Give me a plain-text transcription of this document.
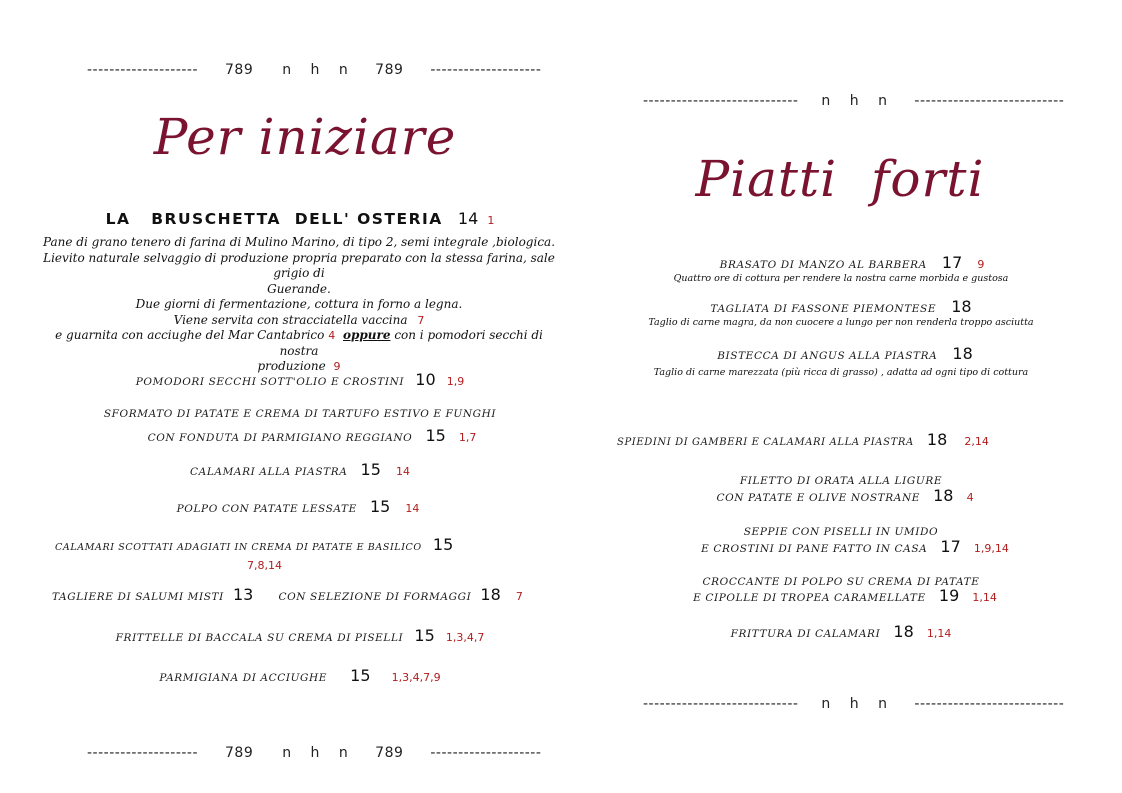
-------------------- 789 n h n 789 --------------------
Per iniziare
LA   BRUSCHETTA  DELL' OSTERIA 14 1
Pane di grano tenero di farina di Mulino Marino, di tipo 2, semi integrale ,biologica.
Lievito naturale selvaggio di produzione propria preparato con la stessa farina, sale grigio di
Guerande.
Due giorni di fermentazione, cottura in forno a legna.
Viene servita con stracciatella vaccina 7
e guarnita con acciughe del Mar Cantabrico 4 oppure con i pomodori secchi di nostra
produzione 9
POMODORI SECCHI SOTT'OLIO E CROSTINI 10 1,9
SFORMATO DI PATATE E CREMA DI TARTUFO ESTIVO E FUNGHI
CON FONDUTA DI PARMIGIANO REGGIANO 15 1,7
CALAMARI ALLA PIASTRA 15 14
POLPO CON PATATE LESSATE 15 14
CALAMARI SCOTTATI ADAGIATI IN CREMA DI PATATE E BASILICO 15
7,8,14
TAGLIERE DI SALUMI MISTI 13 CON SELEZIONE DI FORMAGGI 18 7
FRITTELLE DI BACCALA SU CREMA DI PISELLI 15 1,3,4,7
PARMIGIANA DI ACCIUGHE 15 1,3,4,7,9
-------------------- 789 n h n 789 --------------------
---------------------------- n h n ---------------------------
Piatti  forti
BRASATO DI MANZO AL BARBERA 17 9
Quattro ore di cottura per rendere la nostra carne morbida e gustosa
TAGLIATA DI FASSONE PIEMONTESE 18
Taglio di carne magra, da non cuocere a lungo per non renderla troppo asciutta
BISTECCA DI ANGUS ALLA PIASTRA 18
Taglio di carne marezzata (più ricca di grasso) , adatta ad ogni tipo di cottura
SPIEDINI DI GAMBERI E CALAMARI ALLA PIASTRA 18 2,14
FILETTO DI ORATA ALLA LIGURE
CON PATATE E OLIVE NOSTRANE 18 4
SEPPIE CON PISELLI IN UMIDO
E CROSTINI DI PANE FATTO IN CASA 17 1,9,14
CROCCANTE DI POLPO SU CREMA DI PATATE
E CIPOLLE DI TROPEA CARAMELLATE 19 1,14
FRITTURA DI CALAMARI 18 1,14
---------------------------- n h n ---------------------------
